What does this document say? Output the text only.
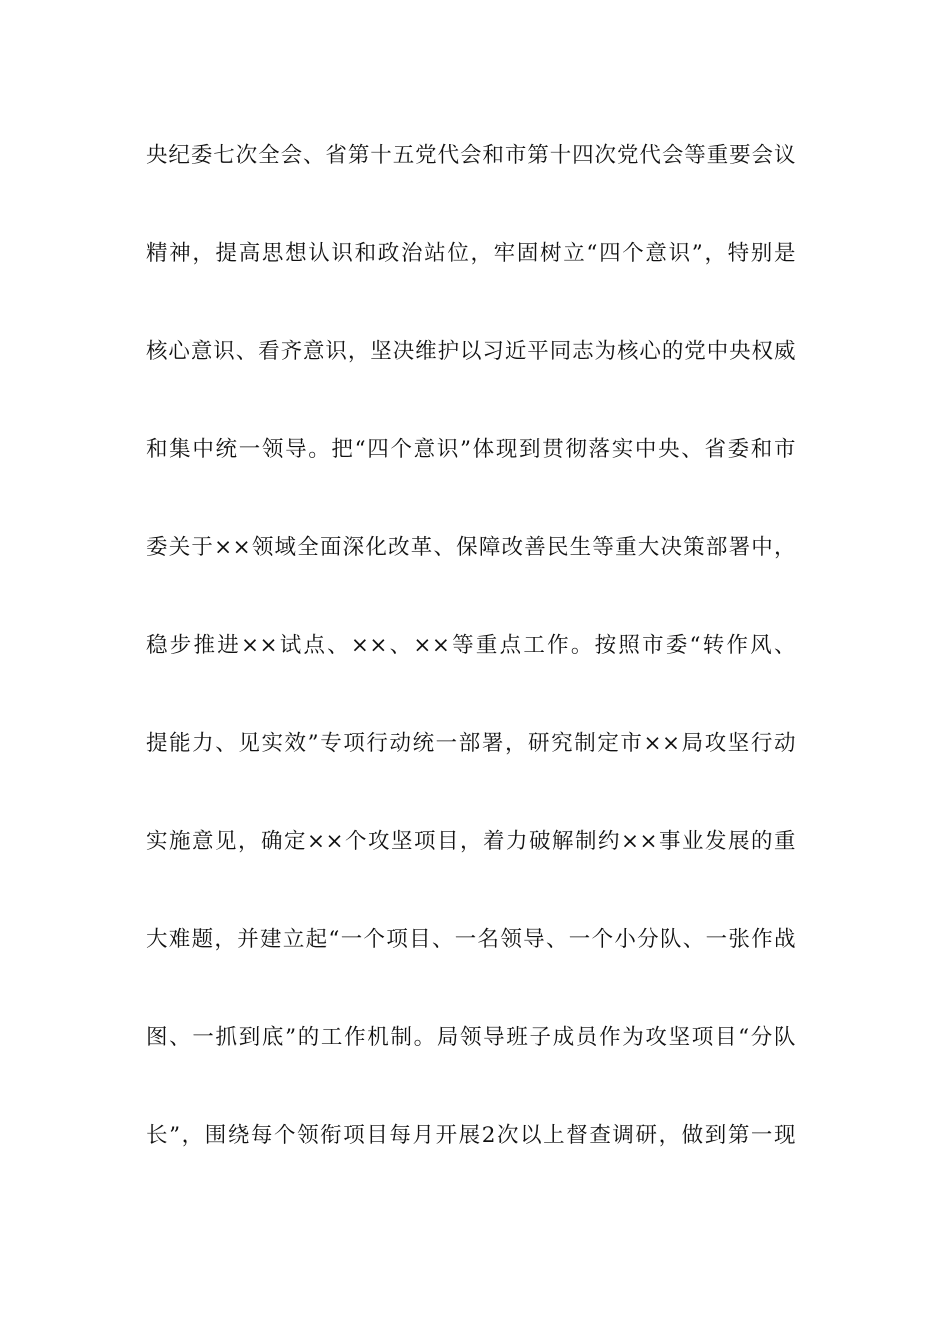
央纪委七次全会、省第十五党代会和市第十四次党代会等重要会议
精神，提高思想认识和政治站位，牢固树立“四个意识”，特别是
核心意识、看齐意识，坚决维护以习近平同志为核心的党中央权威
和集中统一领导。把“四个意识”体现到贯彻落实中央、省委和市
委关于××领域全面深化改革、保障改善民生等重大决策部署中，
稳步推进××试点、××、××等重点工作。按照市委“转作风、
提能力、见实效”专项行动统一部署，研究制定市××局攻坚行动
实施意见，确定××个攻坚项目，着力破解制约××事业发展的重
大难题，并建立起“一个项目、一名领导、一个小分队、一张作战
图、一抓到底”的工作机制。局领导班子成员作为攻坚项目“分队
长”，围绕每个领衔项目每月开展2次以上督查调研，做到第一现
